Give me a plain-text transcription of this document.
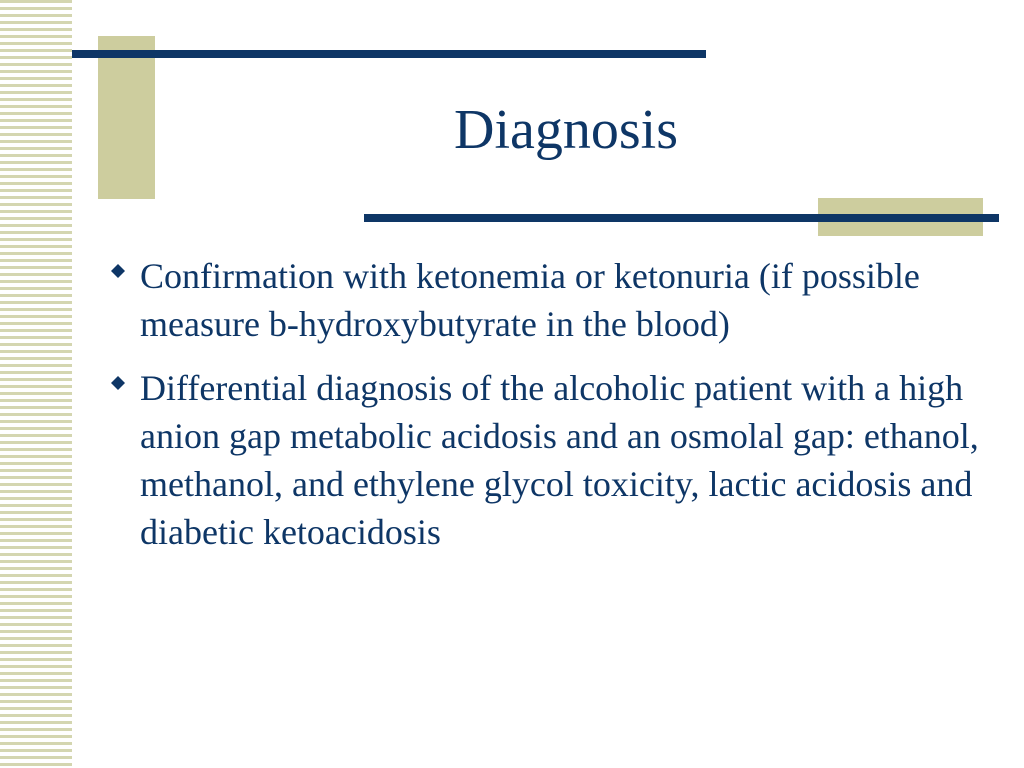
Diagnosis
Confirmation with ketonemia or ketonuria (if possible measure b-hydroxybutyrate in the blood)
Differential diagnosis of the alcoholic patient with a high anion gap metabolic acidosis and an osmolal gap: ethanol, methanol, and ethylene glycol toxicity, lactic acidosis and diabetic ketoacidosis
